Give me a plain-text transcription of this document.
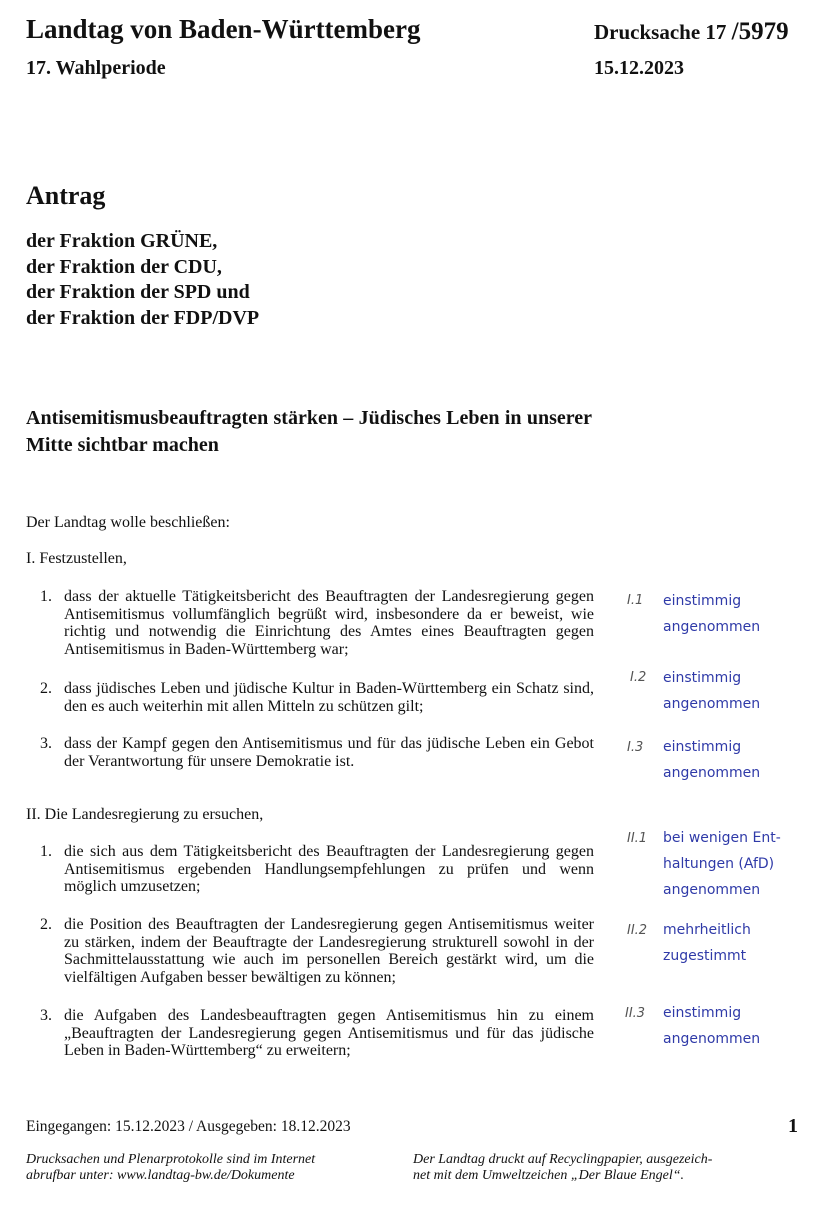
Landtag von Baden-Württemberg
17. Wahlperiode
Drucksache 17 /5979
15.12.2023
Antrag
der Fraktion GRÜNE,
der Fraktion der CDU,
der Fraktion der SPD und
der Fraktion der FDP/DVP
Antisemitismusbeauftragten stärken – Jüdisches Leben in unserer Mitte sichtbar machen
Der Landtag wolle beschließen:
I. Festzustellen,
1. dass der aktuelle Tätigkeitsbericht des Beauftragten der Landesregierung gegen Antisemitismus vollumfänglich begrüßt wird, insbesondere da er beweist, wie richtig und notwendig die Einrichtung des Amtes eines Beauftragten gegen Antisemitismus in Baden-Württemberg war;
I.1 einstimmig
angenommen
2. dass jüdisches Leben und jüdische Kultur in Baden-Württemberg ein Schatz sind, den es auch weiterhin mit allen Mitteln zu schützen gilt;
I.2 einstimmig
angenommen
3. dass der Kampf gegen den Antisemitismus und für das jüdische Leben ein Gebot der Verantwortung für unsere Demokratie ist.
I.3 einstimmig
angenommen
II. Die Landesregierung zu ersuchen,
1. die sich aus dem Tätigkeitsbericht des Beauftragten der Landesregierung gegen Antisemitismus ergebenden Handlungsempfehlungen zu prüfen und wenn möglich umzusetzen;
II.1 bei wenigen Ent-
haltungen (AfD)
angenommen
2. die Position des Beauftragten der Landesregierung gegen Antisemitismus weiter zu stärken, indem der Beauftragte der Landesregierung strukturell sowohl in der Sachmittelausstattung wie auch im personellen Bereich gestärkt wird, um die vielfältigen Aufgaben besser bewältigen zu können;
II.2 mehrheitlich
zugestimmt
3. die Aufgaben des Landesbeauftragten gegen Antisemitismus hin zu einem „Beauftragten der Landesregierung gegen Antisemitismus und für das jüdische Leben in Baden-Württemberg“ zu erweitern;
II.3 einstimmig
angenommen
Eingegangen: 15.12.2023 / Ausgegeben: 18.12.2023	1
Drucksachen und Plenarprotokolle sind im Internet
abrufbar unter: www.landtag-bw.de/Dokumente
Der Landtag druckt auf Recyclingpapier, ausgezeich-
net mit dem Umweltzeichen „Der Blaue Engel“.
